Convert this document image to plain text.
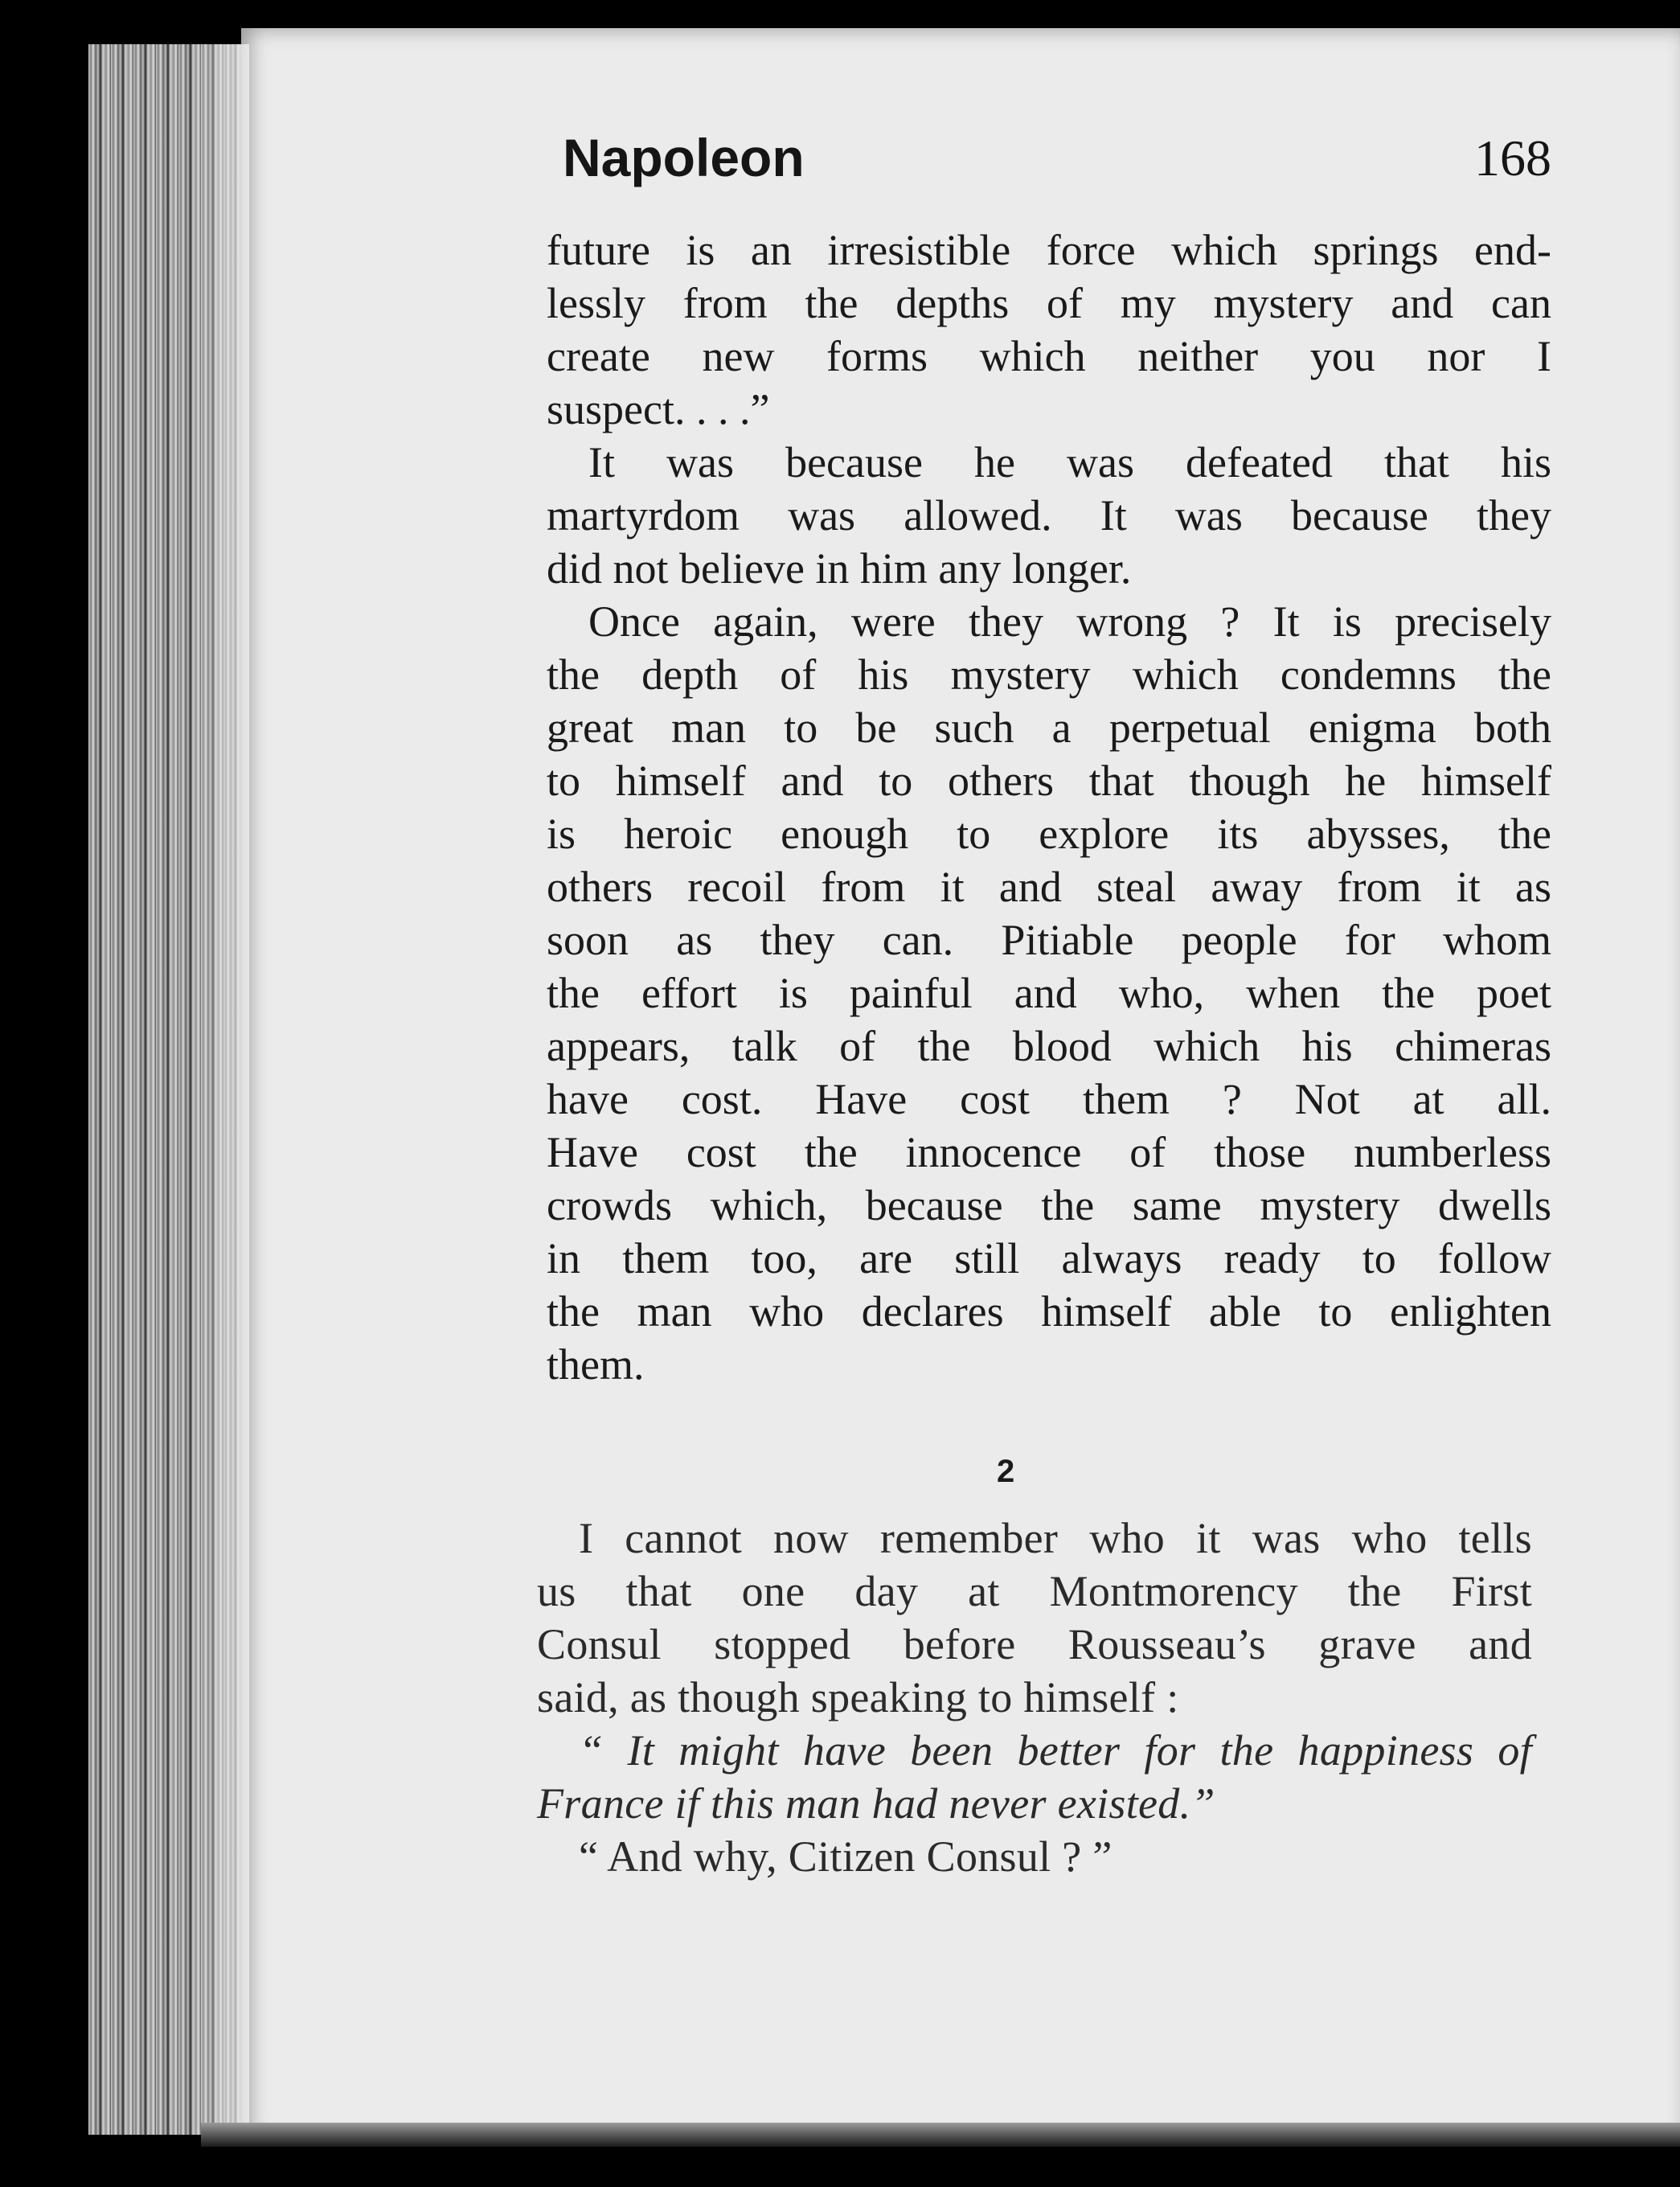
Napoleon	168
future is an irresistible force which springs end-
lessly from the depths of my mystery and can
create new forms which neither you nor I
suspect. . . .”
It was because he was defeated that his
martyrdom was allowed. It was because they
did not believe in him any longer.
Once again, were they wrong ? It is precisely
the depth of his mystery which condemns the
great man to be such a perpetual enigma both
to himself and to others that though he himself
is heroic enough to explore its abysses, the
others recoil from it and steal away from it as
soon as they can. Pitiable people for whom
the effort is painful and who, when the poet
appears, talk of the blood which his chimeras
have cost. Have cost them ? Not at all.
Have cost the innocence of those numberless
crowds which, because the same mystery dwells
in them too, are still always ready to follow
the man who declares himself able to enlighten
them.
2
I cannot now remember who it was who tells
us that one day at Montmorency the First
Consul stopped before Rousseau’s grave and
said, as though speaking to himself :
“ It might have been better for the happiness of
France if this man had never existed.”
“ And why, Citizen Consul ? ”
